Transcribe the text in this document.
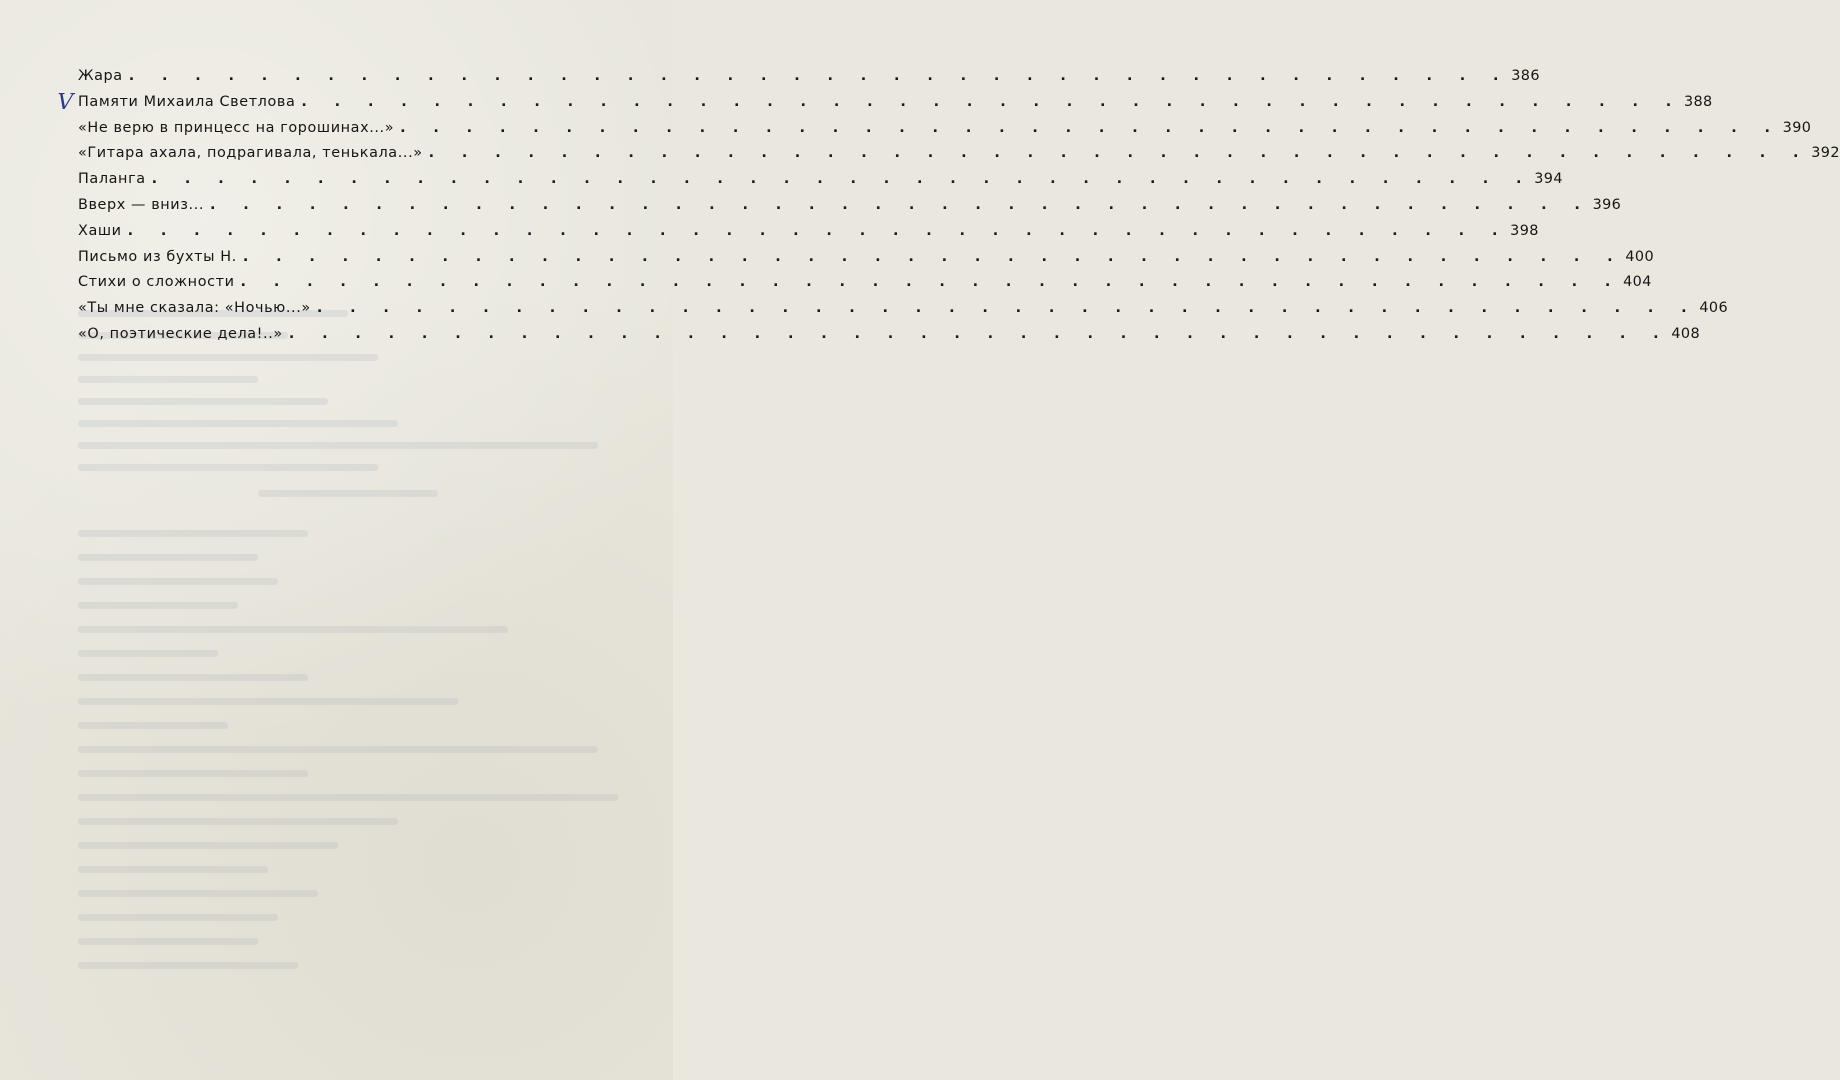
V
Жара . . . . . . . . . . . . . . . . . . . . . . . . . . . . . . . . . . . . . . . . . . 386
Памяти Михаила Светлова . . . . . . . . . . . . . . . . . . . . . . . . . . . . . . . . . . . . . . . . . . 388
«Не верю в принцесс на горошинах...» . . . . . . . . . . . . . . . . . . . . . . . . . . . . . . . . . . . . . . . . . . 390
«Гитара ахала, подрагивала, тенькала...» . . . . . . . . . . . . . . . . . . . . . . . . . . . . . . . . . . . . . . . . . . 392
Паланга . . . . . . . . . . . . . . . . . . . . . . . . . . . . . . . . . . . . . . . . . . 394
Вверх — вниз... . . . . . . . . . . . . . . . . . . . . . . . . . . . . . . . . . . . . . . . . . . 396
Хаши . . . . . . . . . . . . . . . . . . . . . . . . . . . . . . . . . . . . . . . . . . 398
Письмо из бухты Н. . . . . . . . . . . . . . . . . . . . . . . . . . . . . . . . . . . . . . . . . . . 400
Стихи о сложности . . . . . . . . . . . . . . . . . . . . . . . . . . . . . . . . . . . . . . . . . . 404
«Ты мне сказала: «Ночью...» . . . . . . . . . . . . . . . . . . . . . . . . . . . . . . . . . . . . . . . . . . 406
«О, поэтические дела!..» . . . . . . . . . . . . . . . . . . . . . . . . . . . . . . . . . . . . . . . . . . 408
